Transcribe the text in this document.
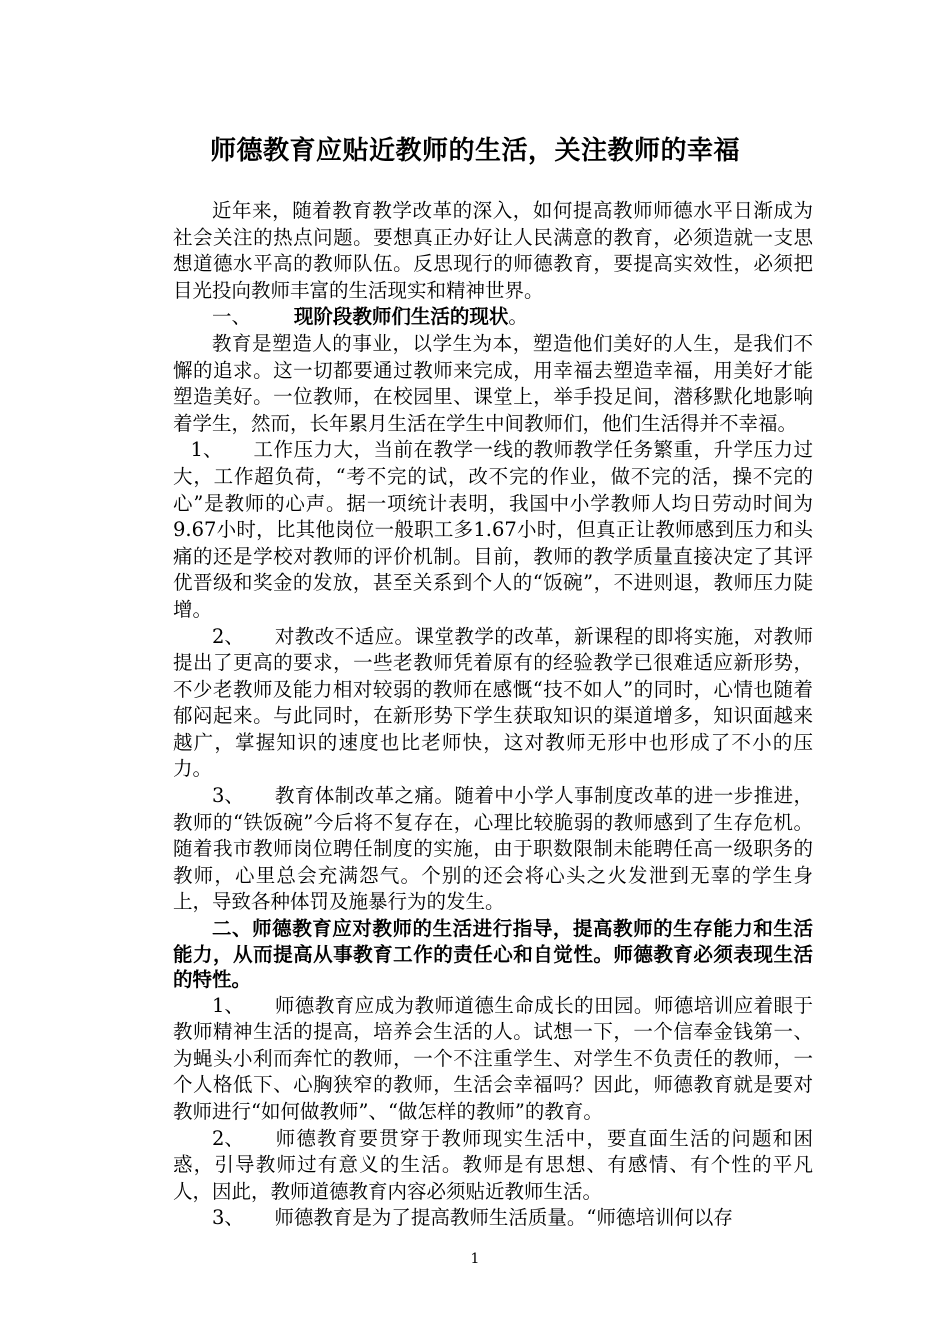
师德教育应贴近教师的生活，关注教师的幸福

近年来，随着教育教学改革的深入，如何提高教师师德水平日渐成为社会关注的热点问题。要想真正办好让人民满意的教育，必须造就一支思想道德水平高的教师队伍。反思现行的师德教育，要提高实效性，必须把目光投向教师丰富的生活现实和精神世界。

一、 现阶段教师们生活的现状。

教育是塑造人的事业，以学生为本，塑造他们美好的人生，是我们不懈的追求。这一切都要通过教师来完成，用幸福去塑造幸福，用美好才能塑造美好。一位教师，在校园里、课堂上，举手投足间，潜移默化地影响着学生，然而，长年累月生活在学生中间教师们，他们生活得并不幸福。

1、 工作压力大，当前在教学一线的教师教学任务繁重，升学压力过大，工作超负荷，“考不完的试，改不完的作业，做不完的活，操不完的心”是教师的心声。据一项统计表明，我国中小学教师人均日劳动时间为9.67小时，比其他岗位一般职工多1.67小时，但真正让教师感到压力和头痛的还是学校对教师的评价机制。目前，教师的教学质量直接决定了其评优晋级和奖金的发放，甚至关系到个人的“饭碗”，不进则退，教师压力陡增。

2、 对教改不适应。课堂教学的改革，新课程的即将实施，对教师提出了更高的要求，一些老教师凭着原有的经验教学已很难适应新形势，不少老教师及能力相对较弱的教师在感慨“技不如人”的同时，心情也随着郁闷起来。与此同时，在新形势下学生获取知识的渠道增多，知识面越来越广，掌握知识的速度也比老师快，这对教师无形中也形成了不小的压力。

3、 教育体制改革之痛。随着中小学人事制度改革的进一步推进，教师的“铁饭碗”今后将不复存在，心理比较脆弱的教师感到了生存危机。随着我市教师岗位聘任制度的实施，由于职数限制未能聘任高一级职务的教师，心里总会充满怨气。个别的还会将心头之火发泄到无辜的学生身上，导致各种体罚及施暴行为的发生。

二、师德教育应对教师的生活进行指导，提高教师的生存能力和生活能力，从而提高从事教育工作的责任心和自觉性。师德教育必须表现生活的特性。

1、 师德教育应成为教师道德生命成长的田园。师德培训应着眼于教师精神生活的提高，培养会生活的人。试想一下，一个信奉金钱第一、为蝇头小利而奔忙的教师，一个不注重学生、对学生不负责任的教师，一个人格低下、心胸狭窄的教师，生活会幸福吗？因此，师德教育就是要对教师进行“如何做教师”、“做怎样的教师”的教育。

2、 师德教育要贯穿于教师现实生活中，要直面生活的问题和困惑，引导教师过有意义的生活。教师是有思想、有感情、有个性的平凡人，因此，教师道德教育内容必须贴近教师生活。

3、 师德教育是为了提高教师生活质量。“师德培训何以存

1
